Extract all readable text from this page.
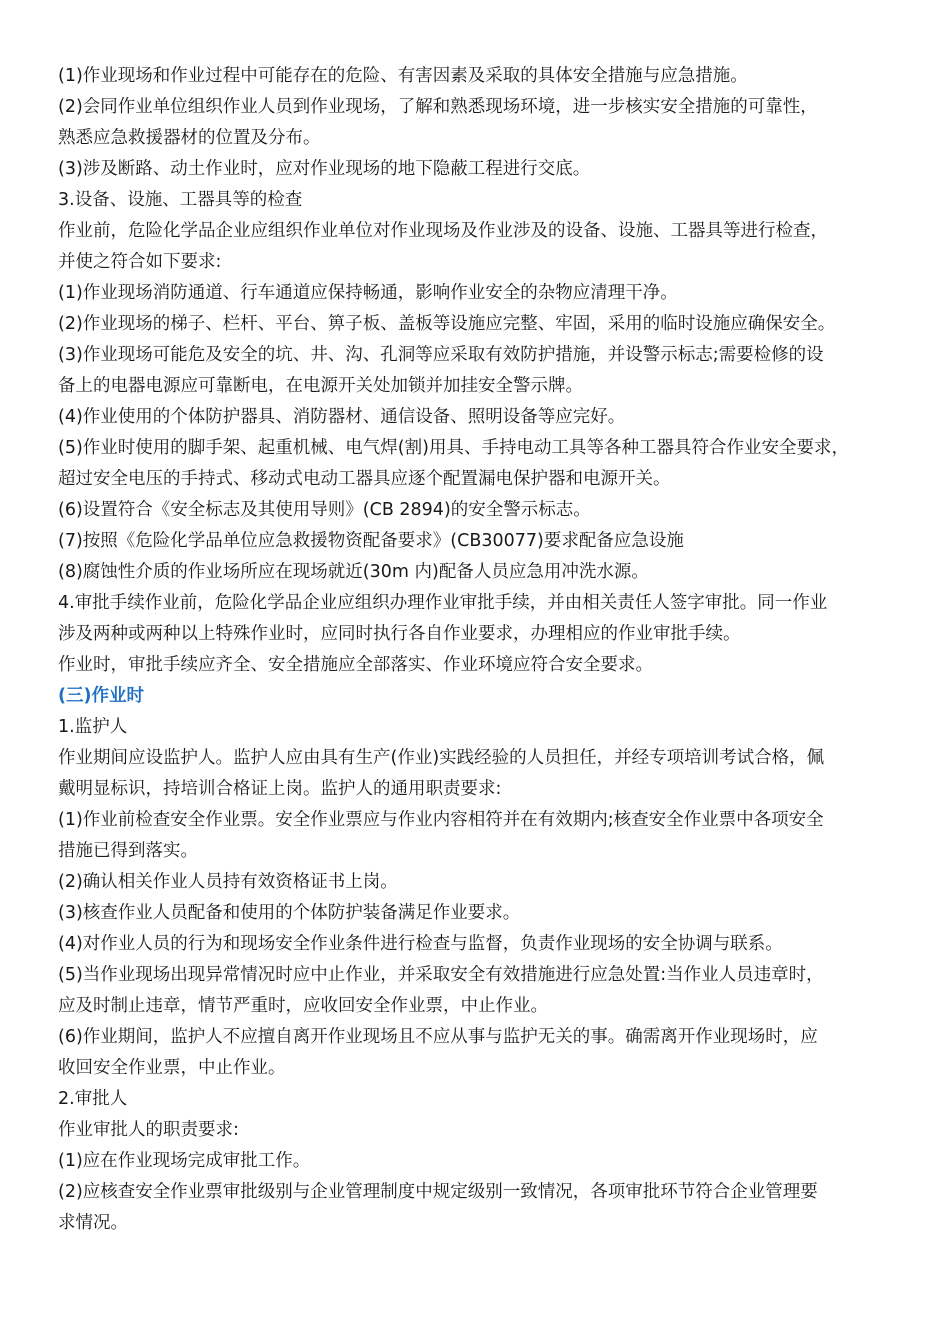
(1)作业现场和作业过程中可能存在的危险、有害因素及采取的具体安全措施与应急措施。

(2)会同作业单位组织作业人员到作业现场，了解和熟悉现场环境，进一步核实安全措施的可靠性，

熟悉应急救援器材的位置及分布。

(3)涉及断路、动土作业时，应对作业现场的地下隐蔽工程进行交底。

3.设备、设施、工器具等的检查

作业前，危险化学品企业应组织作业单位对作业现场及作业涉及的设备、设施、工器具等进行检查，

并使之符合如下要求:

(1)作业现场消防通道、行车通道应保持畅通，影响作业安全的杂物应清理干净。

(2)作业现场的梯子、栏杆、平台、箅子板、盖板等设施应完整、牢固，采用的临时设施应确保安全。

(3)作业现场可能危及安全的坑、井、沟、孔洞等应采取有效防护措施，并设警示标志;需要检修的设

备上的电器电源应可靠断电，在电源开关处加锁并加挂安全警示牌。

(4)作业使用的个体防护器具、消防器材、通信设备、照明设备等应完好。

(5)作业时使用的脚手架、起重机械、电气焊(割)用具、手持电动工具等各种工器具符合作业安全要求，

超过安全电压的手持式、移动式电动工器具应逐个配置漏电保护器和电源开关。

(6)设置符合《安全标志及其使用导则》(CB 2894)的安全警示标志。

(7)按照《危险化学品单位应急救援物资配备要求》(CB30077)要求配备应急设施

(8)腐蚀性介质的作业场所应在现场就近(30m 内)配备人员应急用冲洗水源。

4.审批手续作业前，危险化学品企业应组织办理作业审批手续，并由相关责任人签字审批。同一作业

涉及两种或两种以上特殊作业时，应同时执行各自作业要求，办理相应的作业审批手续。

作业时，审批手续应齐全、安全措施应全部落实、作业环境应符合安全要求。

(三)作业时

1.监护人

作业期间应设监护人。监护人应由具有生产(作业)实践经验的人员担任，并经专项培训考试合格，佩

戴明显标识，持培训合格证上岗。监护人的通用职责要求:

(1)作业前检查安全作业票。安全作业票应与作业内容相符并在有效期内;核查安全作业票中各项安全

措施已得到落实。

(2)确认相关作业人员持有效资格证书上岗。

(3)核查作业人员配备和使用的个体防护装备满足作业要求。

(4)对作业人员的行为和现场安全作业条件进行检查与监督，负责作业现场的安全协调与联系。

(5)当作业现场出现异常情况时应中止作业，并采取安全有效措施进行应急处置:当作业人员违章时，

应及时制止违章，情节严重时，应收回安全作业票，中止作业。

(6)作业期间，监护人不应擅自离开作业现场且不应从事与监护无关的事。确需离开作业现场时，应

收回安全作业票，中止作业。

2.审批人

作业审批人的职责要求:

(1)应在作业现场完成审批工作。

(2)应核查安全作业票审批级别与企业管理制度中规定级别一致情况，各项审批环节符合企业管理要

求情况。
